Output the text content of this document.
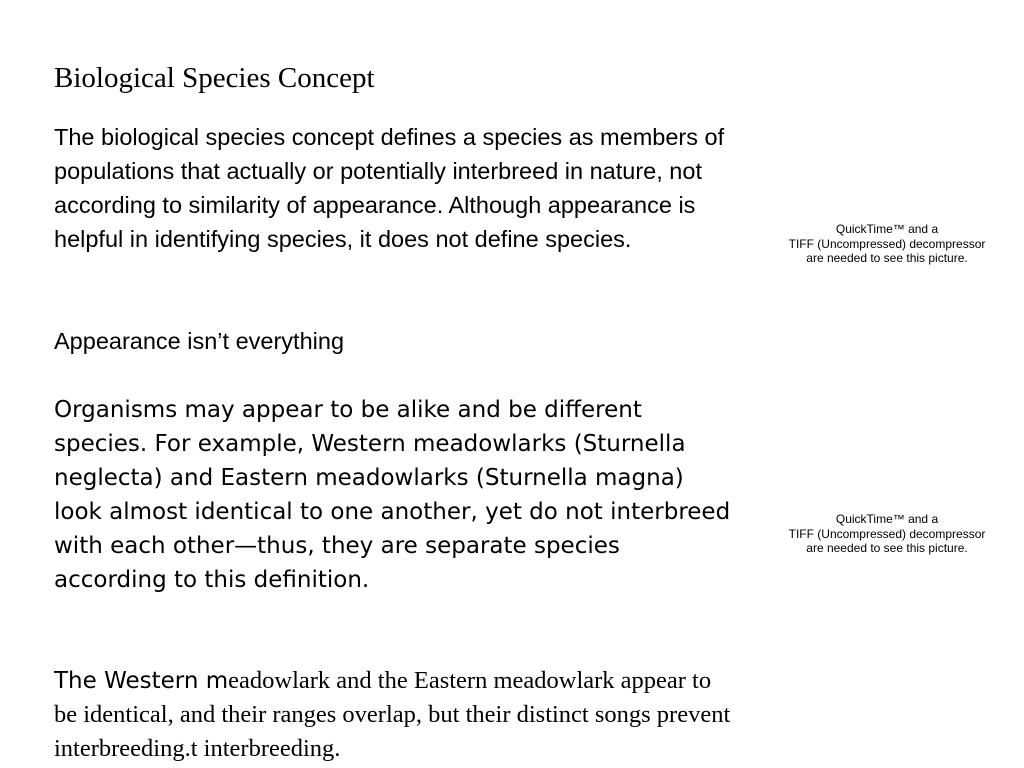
Biological Species Concept

The biological species concept defines a species as members of populations that actually or potentially interbreed in nature, not according to similarity of appearance. Although appearance is helpful in identifying species, it does not define species.

Appearance isn’t everything

Organisms may appear to be alike and be different species. For example, Western meadowlarks (Sturnella neglecta) and Eastern meadowlarks (Sturnella magna) look almost identical to one another, yet do not interbreed with each other—thus, they are separate species according to this definition.

The Western meadowlark and the Eastern meadowlark appear to be identical, and their ranges overlap, but their distinct songs prevent interbreeding.t interbreeding.

QuickTime™ and a
TIFF (Uncompressed) decompressor
are needed to see this picture.
QuickTime™ and a
TIFF (Uncompressed) decompressor
are needed to see this picture.
